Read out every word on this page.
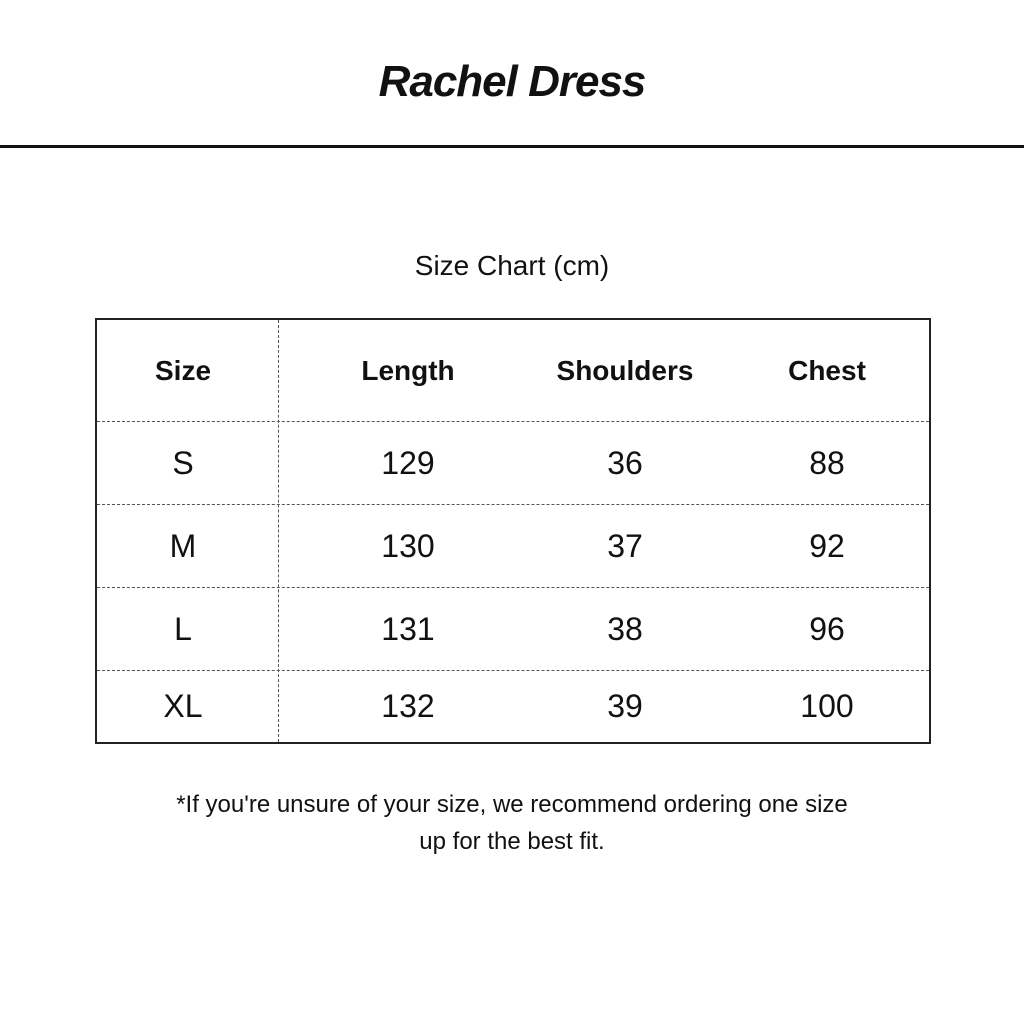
Rachel Dress
Size Chart (cm)
Size	Length	Shoulders	Chest
S	129	36	88
M	130	37	92
L	131	38	96
XL	132	39	100
*If you're unsure of your size, we recommend ordering one size
up for the best fit.
